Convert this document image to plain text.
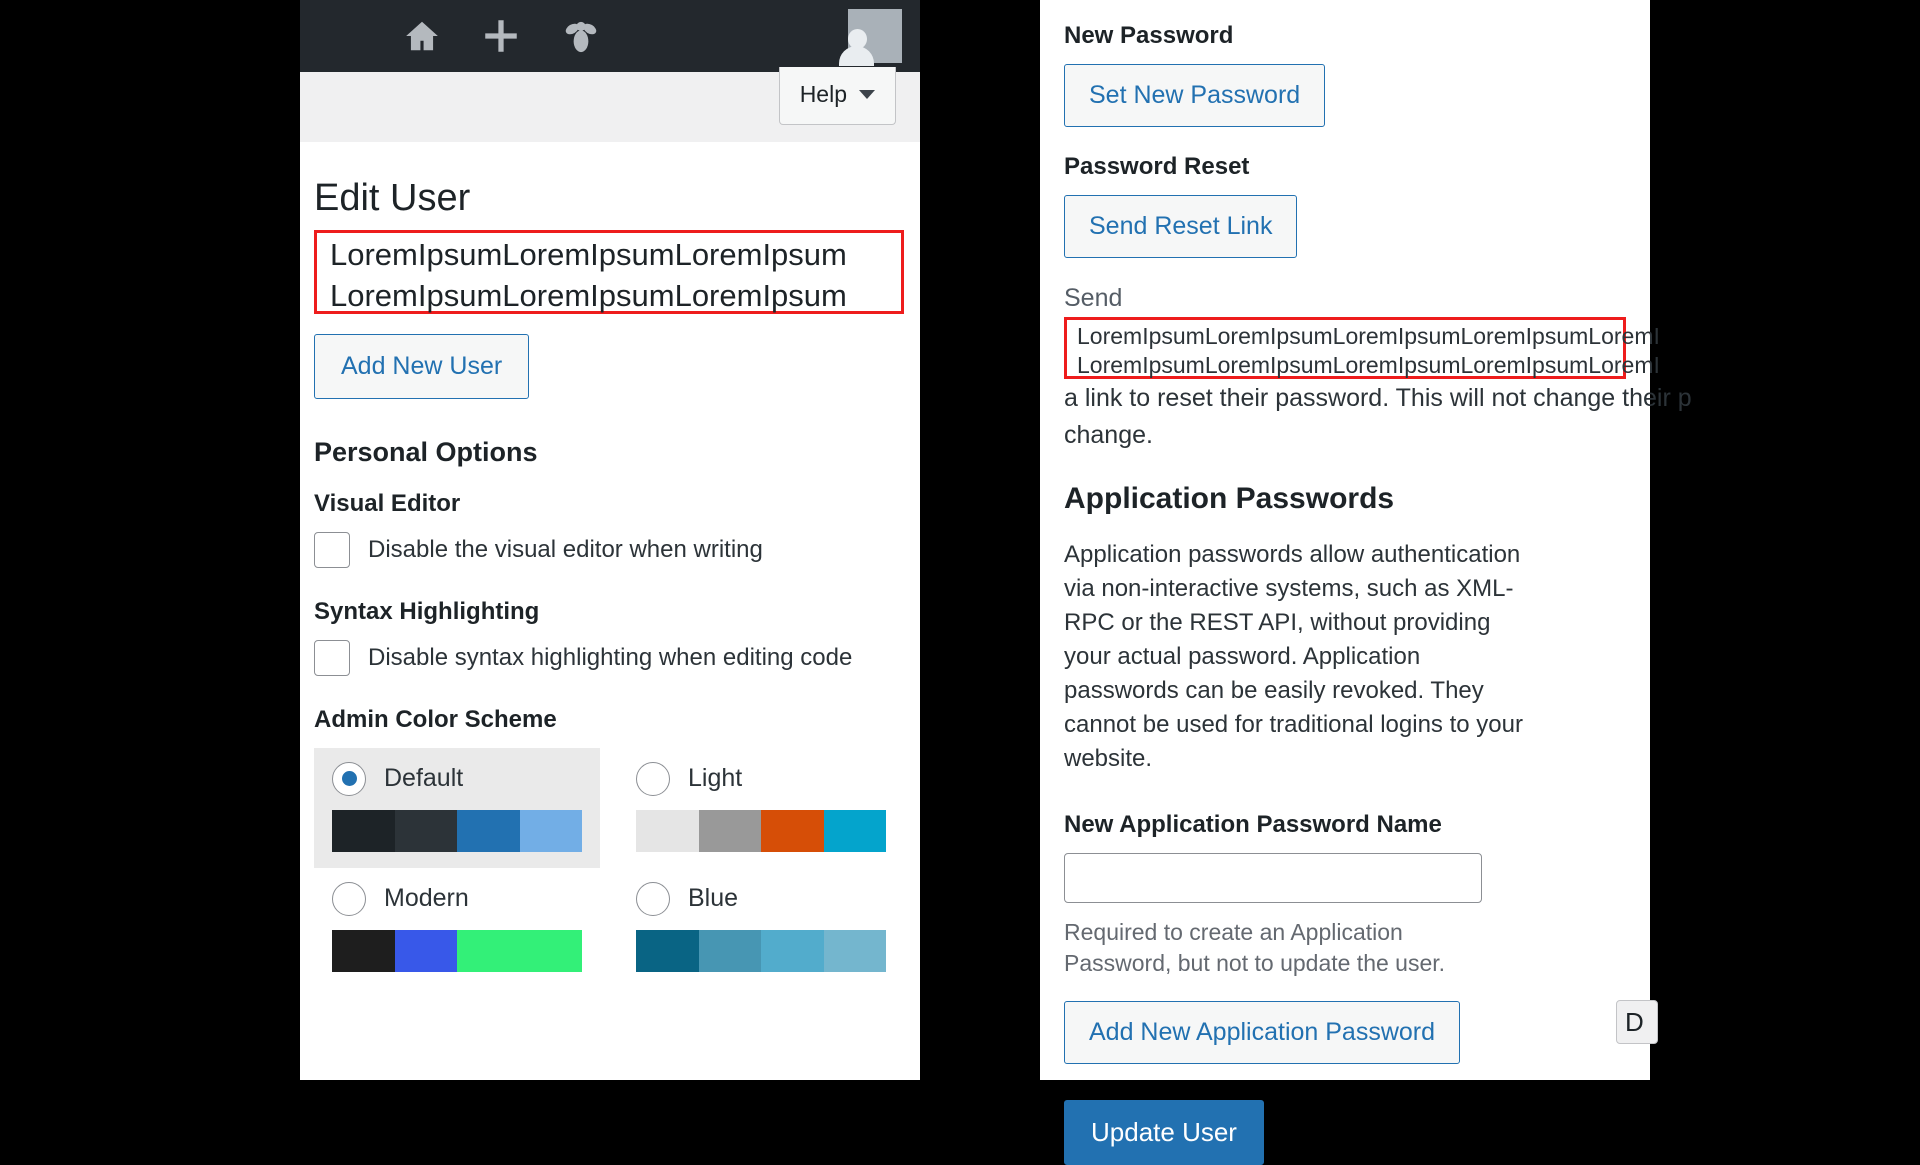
Help
Edit User
LoremIpsumLoremIpsumLoremIpsum
LoremIpsumLoremIpsumLoremIpsum
Add New User
Personal Options
Visual Editor
Disable the visual editor when writing
Syntax Highlighting
Disable syntax highlighting when editing code
Admin Color Scheme
Default	Light
Modern	Blue
New Password
Set New Password
Password Reset
Send Reset Link
Send
LoremIpsumLoremIpsumLoremIpsumLoremIpsumLoremI
LoremIpsumLoremIpsumLoremIpsumLoremIpsumLoremI

a link to reset their password. This will not change their p

change.

Application Passwords

Application passwords allow authentication via non-interactive systems, such as XML-RPC or the REST API, without providing your actual password. Application passwords can be easily revoked. They cannot be used for traditional logins to your website.

New Application Password Name

Required to create an Application Password, but not to update the user.

Add New Application Password
Update User
D
